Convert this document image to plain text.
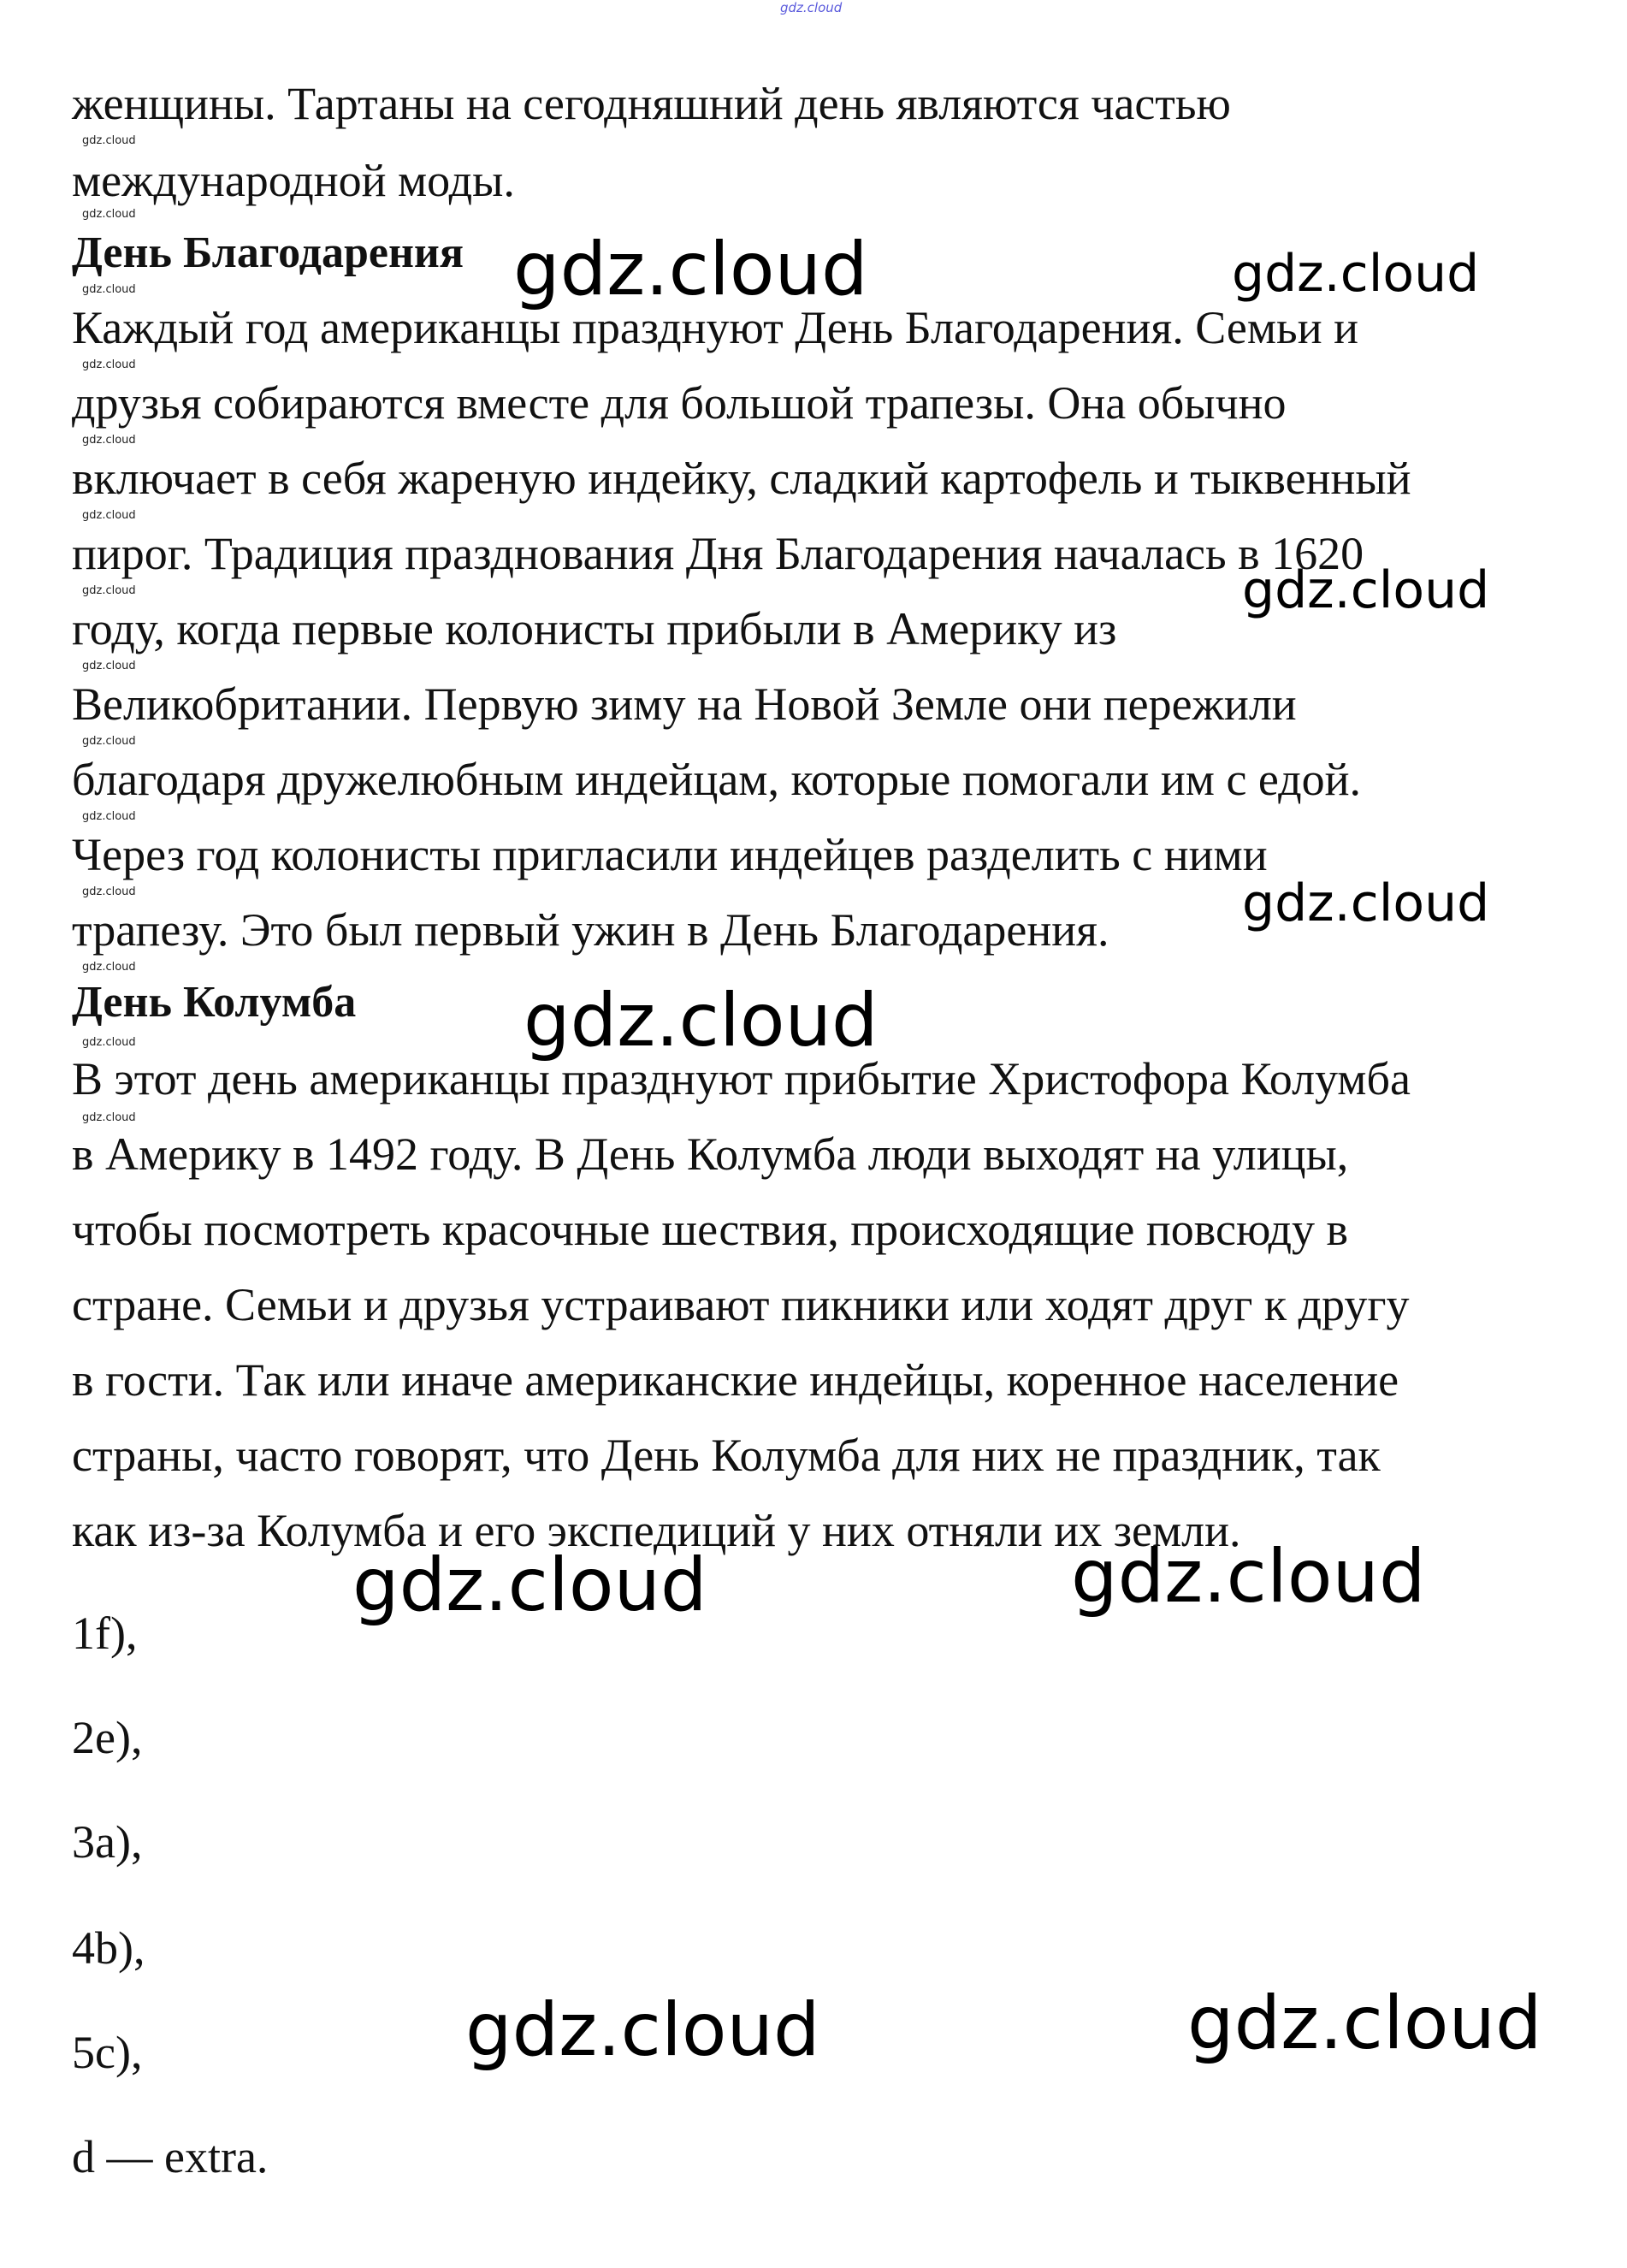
gdz.cloud
женщины. Тартаны на сегодняшний день являются частью
gdz.cloud
международной моды.
gdz.cloud
День Благодарения gdz.cloud	gdz.cloud
gdz.cloud
Каждый год американцы празднуют День Благодарения. Семьи и
gdz.cloud
друзья собираются вместе для большой трапезы. Она обычно
gdz.cloud
включает в себя жареную индейку, сладкий картофель и тыквенный
gdz.cloud
пирог. Традиция празднования Дня Благодарения началась в 1620
gdz.cloud
gdz.cloud
году, когда первые колонисты прибыли в Америку из
gdz.cloud
Великобритании. Первую зиму на Новой Земле они пережили
gdz.cloud
благодаря дружелюбным индейцам, которые помогали им с едой.
gdz.cloud
Через год колонисты пригласили индейцев разделить с ними
gdz.cloud
трапезу. Это был первый ужин в День Благодарения.	gdz.cloud
gdz.cloud
День Колумба gdz.cloud
gdz.cloud
В этот день американцы празднуют прибытие Христофора Колумба
gdz.cloud
в Америку в 1492 году. В День Колумба люди выходят на улицы,
чтобы посмотреть красочные шествия, происходящие повсюду в
стране. Семьи и друзья устраивают пикники или ходят друг к другу
в гости. Так или иначе американские индейцы, коренное население
страны, часто говорят, что День Колумба для них не праздник, так
как из-за Колумба и его экспедиций у них отняли их земли.
gdz.cloud	gdz.cloud
1f),
2e),
3a),
4b),
5c),	gdz.cloud	gdz.cloud
d — extra.
